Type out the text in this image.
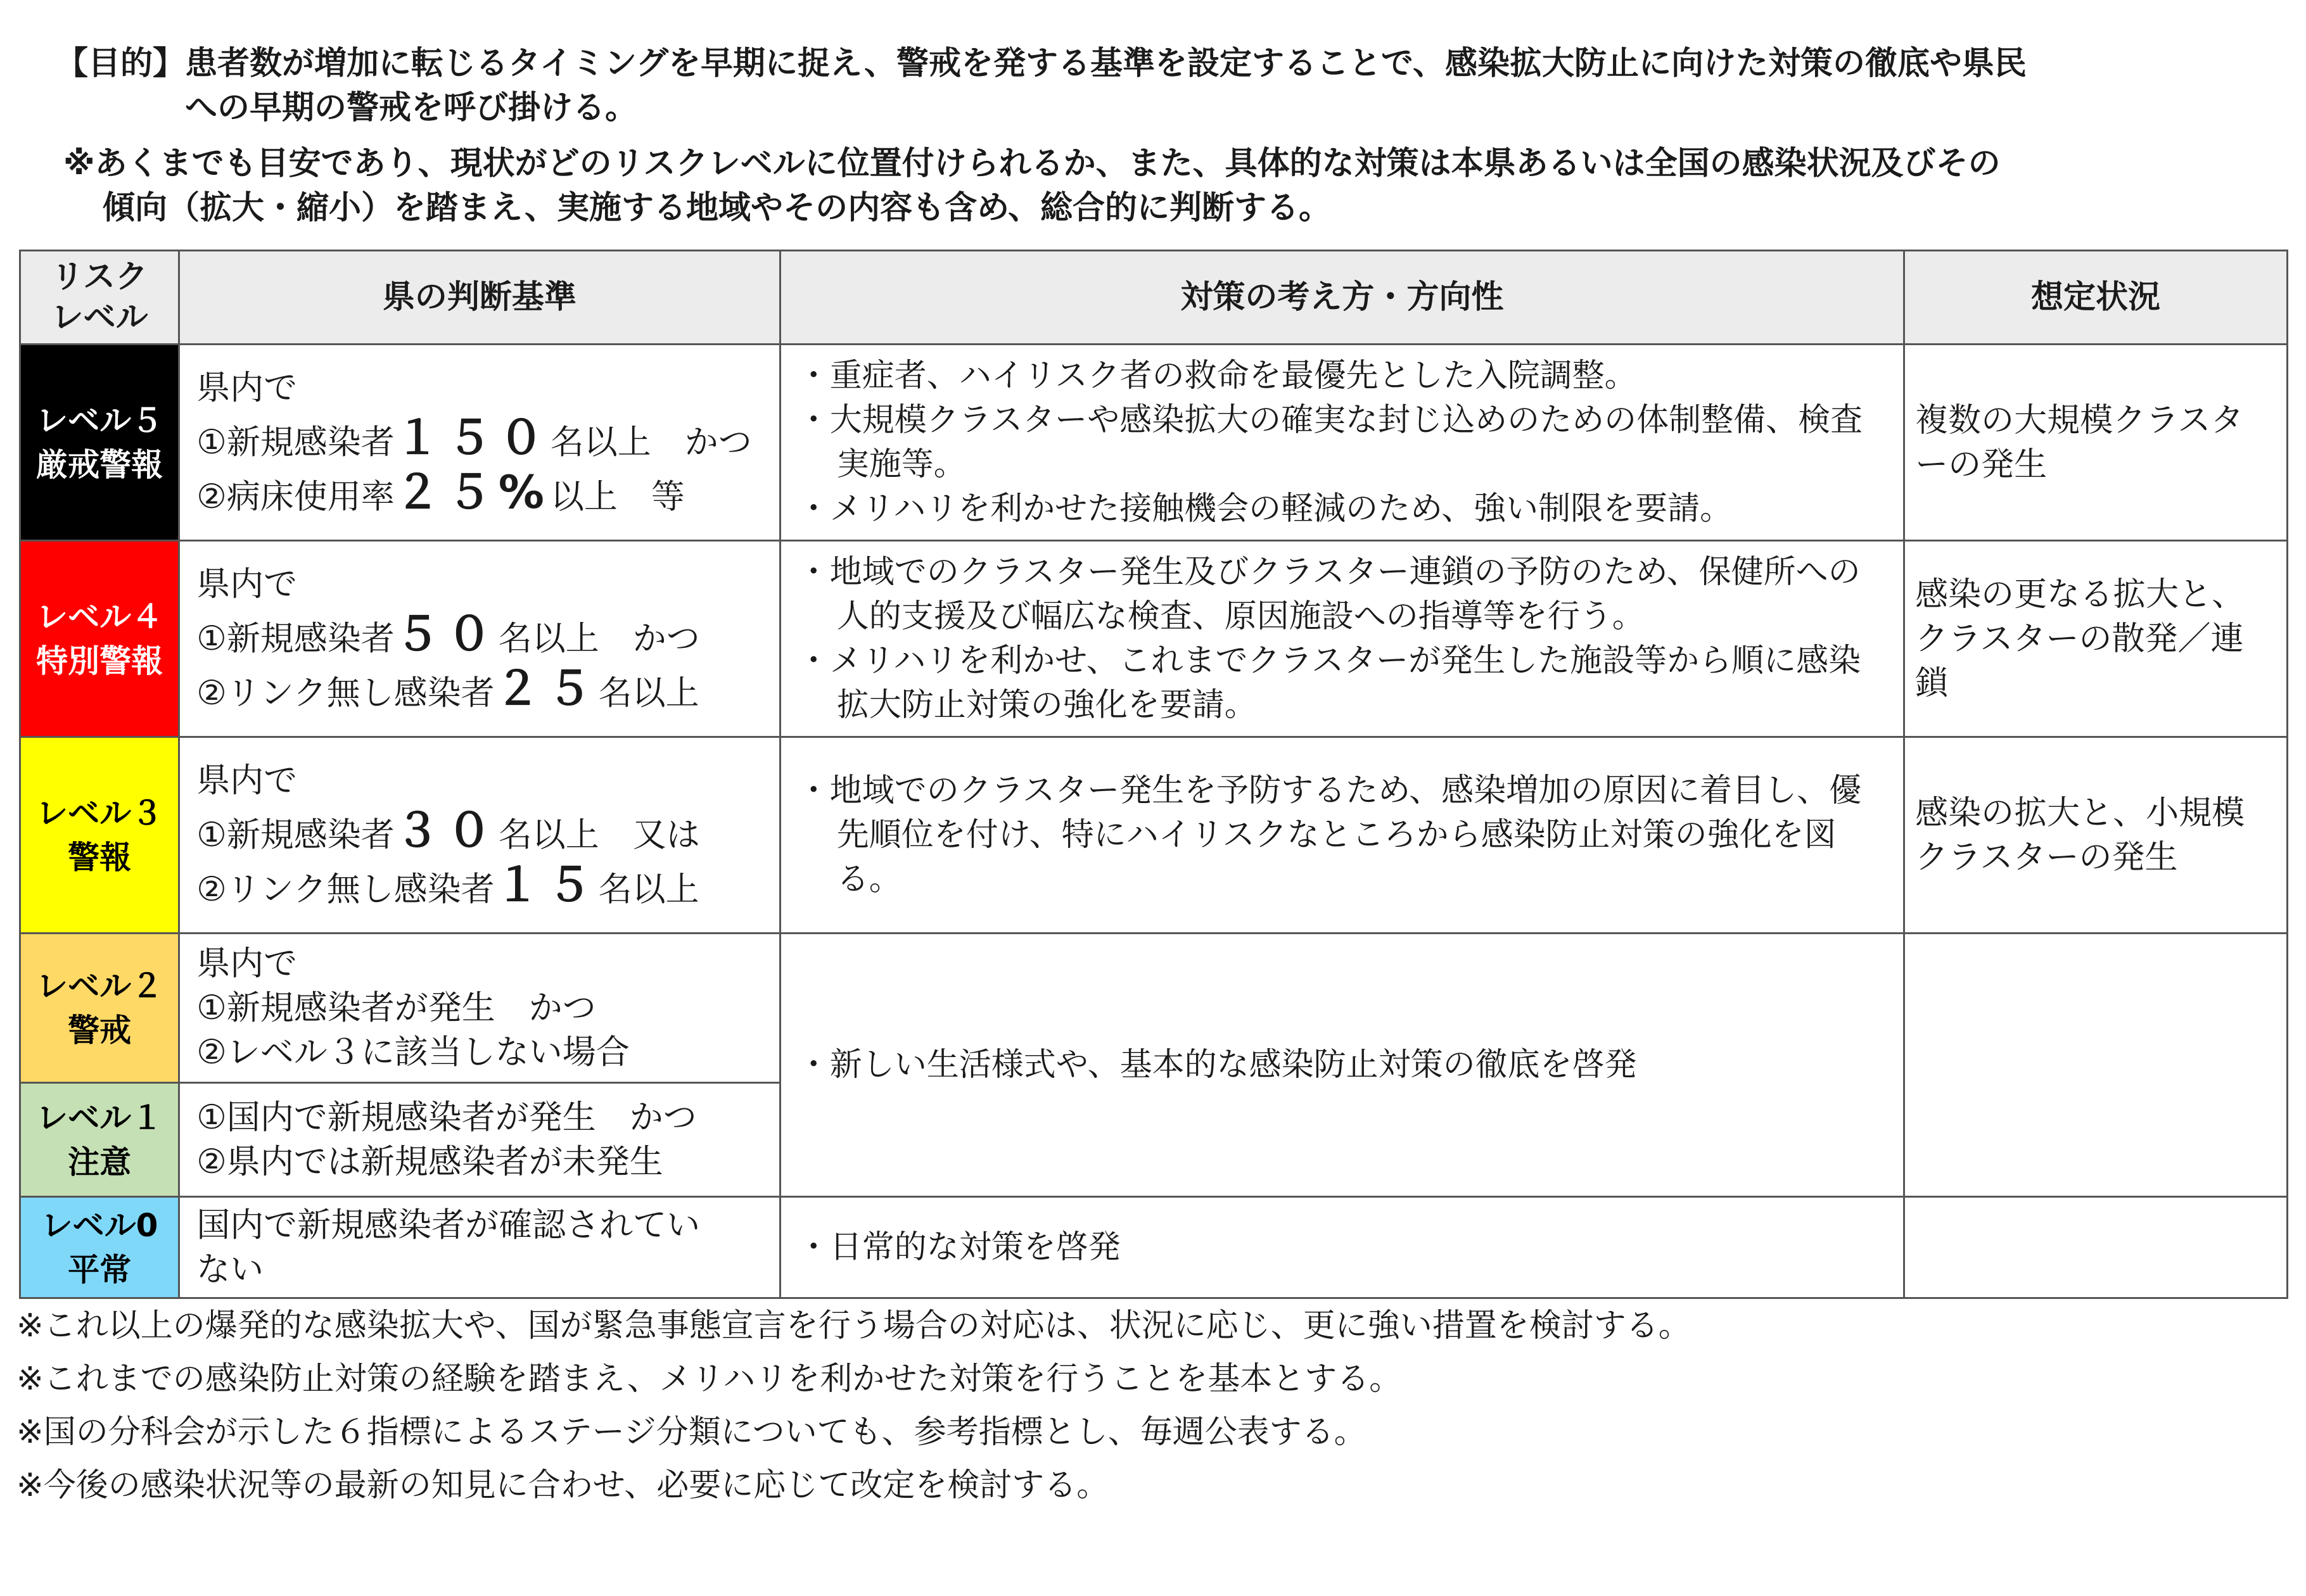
【目的】 患者数が増加に転じるタイミングを早期に捉え、警戒を発する基準を設定することで、感染拡大防止に向けた対策の徹底や県民
への早期の警戒を呼び掛ける。
※あくまでも目安であり、現状がどのリスクレベルに位置付けられるか、また、具体的な対策は本県あるいは全国の感染状況及びその
傾向（拡大・縮小）を踏まえ、実施する地域やその内容も含め、総合的に判断する。
リスク
レベル	県の判断基準	対策の考え方・方向性	想定状況

レベル５
厳戒警報	県内で
①新規感染者１５０名以上　かつ
②病床使用率２５%以上　等	・重症者、ハイリスク者の救命を最優先とした入院調整。
・大規模クラスターや感染拡大の確実な封じ込めのための体制整備、検査実施等。
・メリハリを利かせた接触機会の軽減のため、強い制限を要請。	複数の大規模クラスターの発生

レベル４
特別警報	県内で
①新規感染者５０名以上　かつ
②リンク無し感染者２５名以上	・地域でのクラスター発生及びクラスター連鎖の予防のため、保健所への人的支援及び幅広な検査、原因施設への指導等を行う。
・メリハリを利かせ、これまでクラスターが発生した施設等から順に感染拡大防止対策の強化を要請。	感染の更なる拡大と、クラスターの散発／連鎖

レベル３
警報	県内で
①新規感染者３０名以上　又は
②リンク無し感染者１５名以上	・地域でのクラスター発生を予防するため、感染増加の原因に着目し、優先順位を付け、特にハイリスクなところから感染防止対策の強化を図る。	感染の拡大と、小規模クラスターの発生

レベル２
警戒	県内で
①新規感染者が発生　かつ
②レベル３に該当しない場合	・新しい生活様式や、基本的な感染防止対策の徹底を啓発	

レベル１
注意	①国内で新規感染者が発生　かつ
②県内では新規感染者が未発生		

レベル0
平常	国内で新規感染者が確認されてい
ない	・日常的な対策を啓発	
※これ以上の爆発的な感染拡大や、国が緊急事態宣言を行う場合の対応は、状況に応じ、更に強い措置を検討する。
※これまでの感染防止対策の経験を踏まえ、メリハリを利かせた対策を行うことを基本とする。
※国の分科会が示した６指標によるステージ分類についても、参考指標とし、毎週公表する。
※今後の感染状況等の最新の知見に合わせ、必要に応じて改定を検討する。
